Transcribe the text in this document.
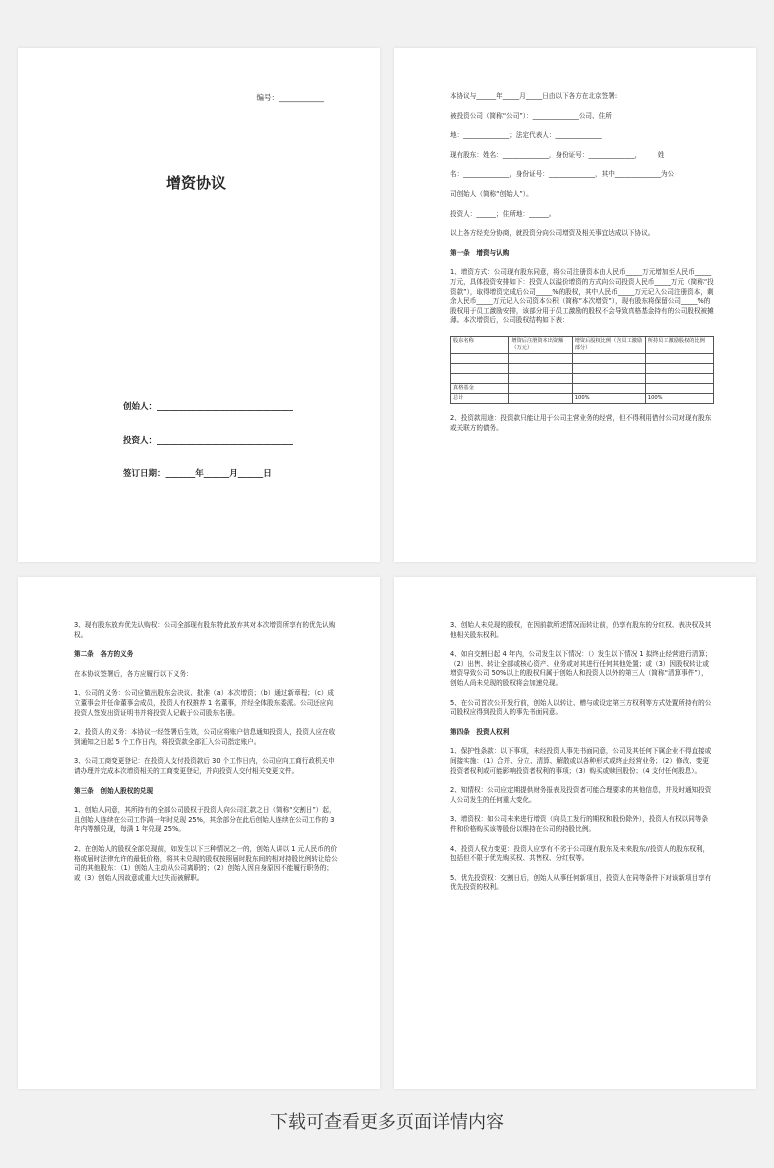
编号：____________
增资协议
创始人：________________________________
投资人：________________________________
签订日期：_______年______月______日

本协议与______年_____月_____日由以下各方在北京签署:

被投资公司（简称“公司”）：______________公司、住所

地：______________；法定代表人：______________

现有股东：姓名：______________，身份证号：______________，　　　姓

名：______________，身份证号：______________，其中______________为公

司创始人（简称“创始人”）。

投资人：______；住所地：______。

以上各方经充分协商，就投资分向公司增资及相关事宜达成以下协议。

第一条　增资与认购

1、增资方式：公司现有股东同意，将公司注册资本由人民币_____万元增加至人民币_____万元，具体投资安排如下：投资人以溢价增资的方式向公司投资人民币_____万元（简称“投资款”），取得增资完成后公司_____%的股权，其中人民币_____万元记入公司注册资本，剩余人民币_____万元记入公司资本公积（简称“本次增资”），现有股东将保留公司_____%的股权用于员工激励安排，该部分用于员工激励的股权不会导致真格基金持有的公司股权被摊薄。本次增资后，公司股权结构如下表：

股东名称	增资后注册资本出资额（万元）	增资后股权比例（含员工激励部分）	所持员工激励股权的比例

真格基金			
总计		100%	100%

2、投资款用途：投资款只能让用于公司主营业务的经营，但不得利用借付公司对现有股东或关联方的债务。

3、现有股东放弃优先认购权：公司全部现有股东特此放弃其对本次增资所享有的优先认购权。

第二条　各方的义务

在本协议签署后，各方应履行以下义务：

1、公司的义务：公司应做出股东会决议、批准（a）本次增资；（b）通过新章程；（c）成立董事会并任命董事会成员，投资人有权推荐 1 名董事，并经全体股东委派。公司还应向投资人签发出资证明书并将投资人记载于公司股东名册。

2、投资人的义务：本协议一经签署后生效，公司应将账户信息通知投资人，投资人应在收到通知之日起 5 个工作日内，将投资款全部汇入公司指定账户。

3、公司工商变更登记：在投资人支付投资款后 30 个工作日内，公司应向工商行政机关申请办理并完成本次增资相关的工商变更登记，并向投资人交付相关变更文件。

第三条　创始人股权的兑现

1、创始人同意，其所持有的全部公司股权于投资人向公司汇款之日（简称“交割日”）起，且创始人连续在公司工作满一年时兑现 25%，其余部分在此后创始人连续在公司工作的 3 年内等额兑现，每满 1 年兑现 25%。

2、在创始人的股权全部兑现前，如发生以下三种情况之一的，创始人讲以 1 元人民币的价格或届时法律允许的最低价格，将其未兑现的股权按照届时股东间的相对持股比例转让给公司的其他股东：（1）创始人主动从公司离职的；（2）创始人因自身原因不能履行职务的；或（3）创始人因故意或重大过失而被解职。

3、创始人未兑现的股权，在因前款所述情况而转让前，仍享有股东的分红权、表决权及其他相关股东权利。

4、如自交割日起 4 年内，公司发生以下情况：（）发生以下情况 1 拟终止经营进行清算；（2）出售、转让全部或核心资产、业务或对其进行任何其他处置；或（3）因股权转让或增资导致公司 50%以上的股权归属于创始人和投资人以外的第三人（简称“清算事件”），创始人尚未兑现的股权将会加速兑现。

5、在公司首次公开发行前，创始人以转让、赠与或设定第三方权利等方式处置所持有的公司股权应得到投资人的事先书面同意。

第四条　投资人权利

1、保护性条款：以下事项，未经投资人事先书面同意，公司及其任何下属企业不得直接或间接实施：（1）合并、分立、清算、解散或以各种形式或终止经营业务；（2）修改、变更投资者权利或可能影响投资者权利的事项；（3）购买或赎回股份；（4 支付任何股息）。

2、知情权：公司应定期提供财务报表及投资者可能合理要求的其他信息，并及时通知投资人公司发生的任何重大变化。

3、增资权：如公司未来进行增资（向员工发行的期权和股份除外），投资人有权以同等条件和价格购买该等股份以维持在公司的持股比例。

4、投资人权力变更：投资人应享有不劣于公司现有股东及未来股东//投资人的股东权利，包括但不限于优先购买权、共售权、分红权等。

5、优先投资权：交割日后，创始人从事任何新项目，投资人在同等条件下对该新项目享有优先投资的权利。

下载可查看更多页面详情内容
